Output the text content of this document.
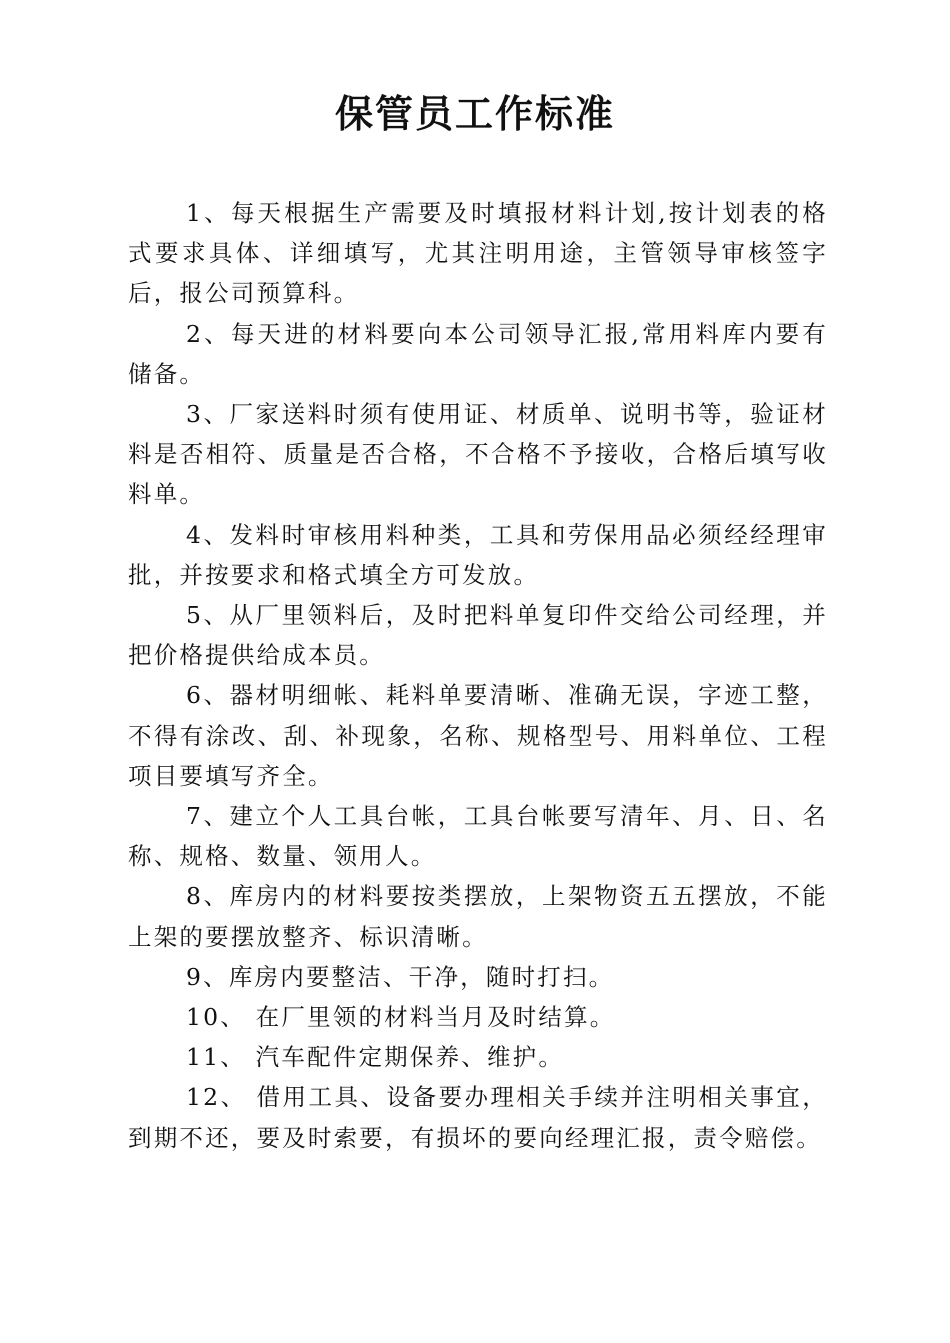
保管员工作标准

1、每天根据生产需要及时填报材料计划,按计划表的格式要求具体、详细填写，尤其注明用途，主管领导审核签字后，报公司预算科。

2、每天进的材料要向本公司领导汇报,常用料库内要有储备。

3、厂家送料时须有使用证、材质单、说明书等，验证材料是否相符、质量是否合格，不合格不予接收，合格后填写收料单。

4、发料时审核用料种类，工具和劳保用品必须经经理审批，并按要求和格式填全方可发放。

5、从厂里领料后，及时把料单复印件交给公司经理，并把价格提供给成本员。

6、器材明细帐、耗料单要清晰、准确无误，字迹工整，不得有涂改、刮、补现象，名称、规格型号、用料单位、工程项目要填写齐全。

7、建立个人工具台帐，工具台帐要写清年、月、日、名称、规格、数量、领用人。

8、库房内的材料要按类摆放，上架物资五五摆放，不能上架的要摆放整齐、标识清晰。

9、库房内要整洁、干净，随时打扫。

10、 在厂里领的材料当月及时结算。

11、 汽车配件定期保养、维护。

12、 借用工具、设备要办理相关手续并注明相关事宜，到期不还，要及时索要，有损坏的要向经理汇报，责令赔偿。
